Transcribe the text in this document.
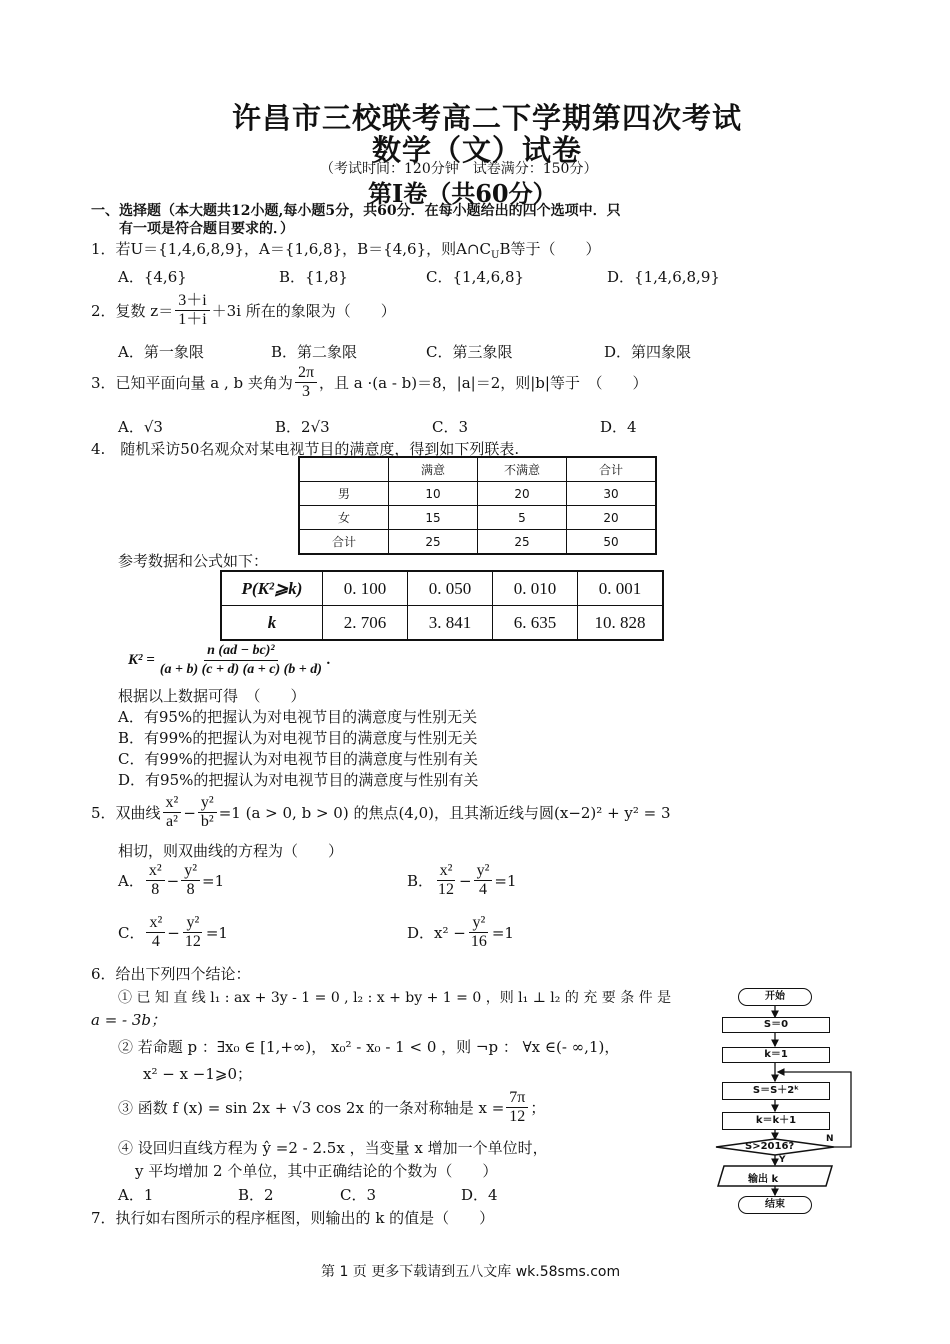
许昌市三校联考高二下学期第四次考试
数学（文）试卷
（考试时间：120分钟　试卷满分：150分）
第Ⅰ卷（共60分）
一、选择题（本大题共12小题,每小题5分，共60分．在每小题给出的四个选项中．只
有一项是符合题目要求的．）
1．若U＝{1,4,6,8,9}，A＝{1,6,8}，B＝{4,6}，则$A\cap C_UB$等于（　　）
A．{4,6}	B．{1,8}	C．{1,4,6,8}	D．{1,4,6,8,9}
2．复数 $z= \frac{3+i}{1+i} +3i$ 所在的象限为（　　）
A．第一象限	B．第二象限	C．第三象限	D．第四象限
3．已知平面向量 a , b 夹角为 $\frac{2\pi}{3}$ ，且 a ·(a - b)＝8，|a|＝2，则|b|等于　（　　）
A．√3	B．2√3	C．3	D．4
4.　随机采访50名观众对某电视节目的满意度，得到如下列联表.
	满意	不满意	合计
男	10	20	30
女	15	5	20
合计	25	25	50
参考数据和公式如下：
P(K²⩾k)	0. 100	0. 050	0. 010	0. 001
k	2. 706	3. 841	6. 635	10. 828
$K^2 = \frac{\text{n (ad − bc)²}}{(a + b) (c + d) (a + c) (b + d)}$ .
根据以上数据可得　（　　）
A．有95%的把握认为对电视节目的满意度与性别无关
B．有99%的把握认为对电视节目的满意度与性别无关
C．有99%的把握认为对电视节目的满意度与性别有关
D．有95%的把握认为对电视节目的满意度与性别有关
5．双曲线 $\frac{\text{x²}}{\text{a²}} - \frac{\text{y²}}{\text{b²}} =1$ (a > 0, b > 0) 的焦点(4,0)，且其渐近线与圆(x−2)² + y² = 3
相切，则双曲线的方程为（　　）
A． $\frac{\text{x²}}{8} - \frac{\text{y²}}{8} =1$	B． $\frac{\text{x²}}{12} - \frac{\text{y²}}{4} =1$
C． $\frac{\text{x²}}{4} - \frac{\text{y²}}{12} =1$	D．$x^2 - \frac{\text{y²}}{16} =1$
6．给出下列四个结论：
① 已 知 直 线 l₁ : ax + 3y - 1 = 0 , l₂ : x + by + 1 = 0 ，则 l₁ ⊥ l₂ 的 充 要 条 件 是
a = - 3b；
② 若命题 p ：∃x₀ ∈ [1,+∞)， x₀² - x₀ - 1 < 0 ，则 ¬p ： ∀x ∈(- ∞,1)，
x² − x −1⩾0；
③ 函数 f (x) = sin 2x + √3 cos 2x 的一条对称轴是 $x = \frac{7\pi}{12}$ ；
④ 设回归直线方程为 ŷ =2 - 2.5x ，当变量 x 增加一个单位时，
y 平均增加 2 个单位，其中正确结论的个数为（　　）
A．1	B．2	C．3	D．4
7．执行如右图所示的程序框图，则输出的 k 的值是（　　）
开始
S＝0
k＝1
S＝S＋2ᵏ
k＝k＋1
S>2016?
Y
N
输出 k
结束
第 1 页 更多下载请到五八文库 wk.58sms.com
